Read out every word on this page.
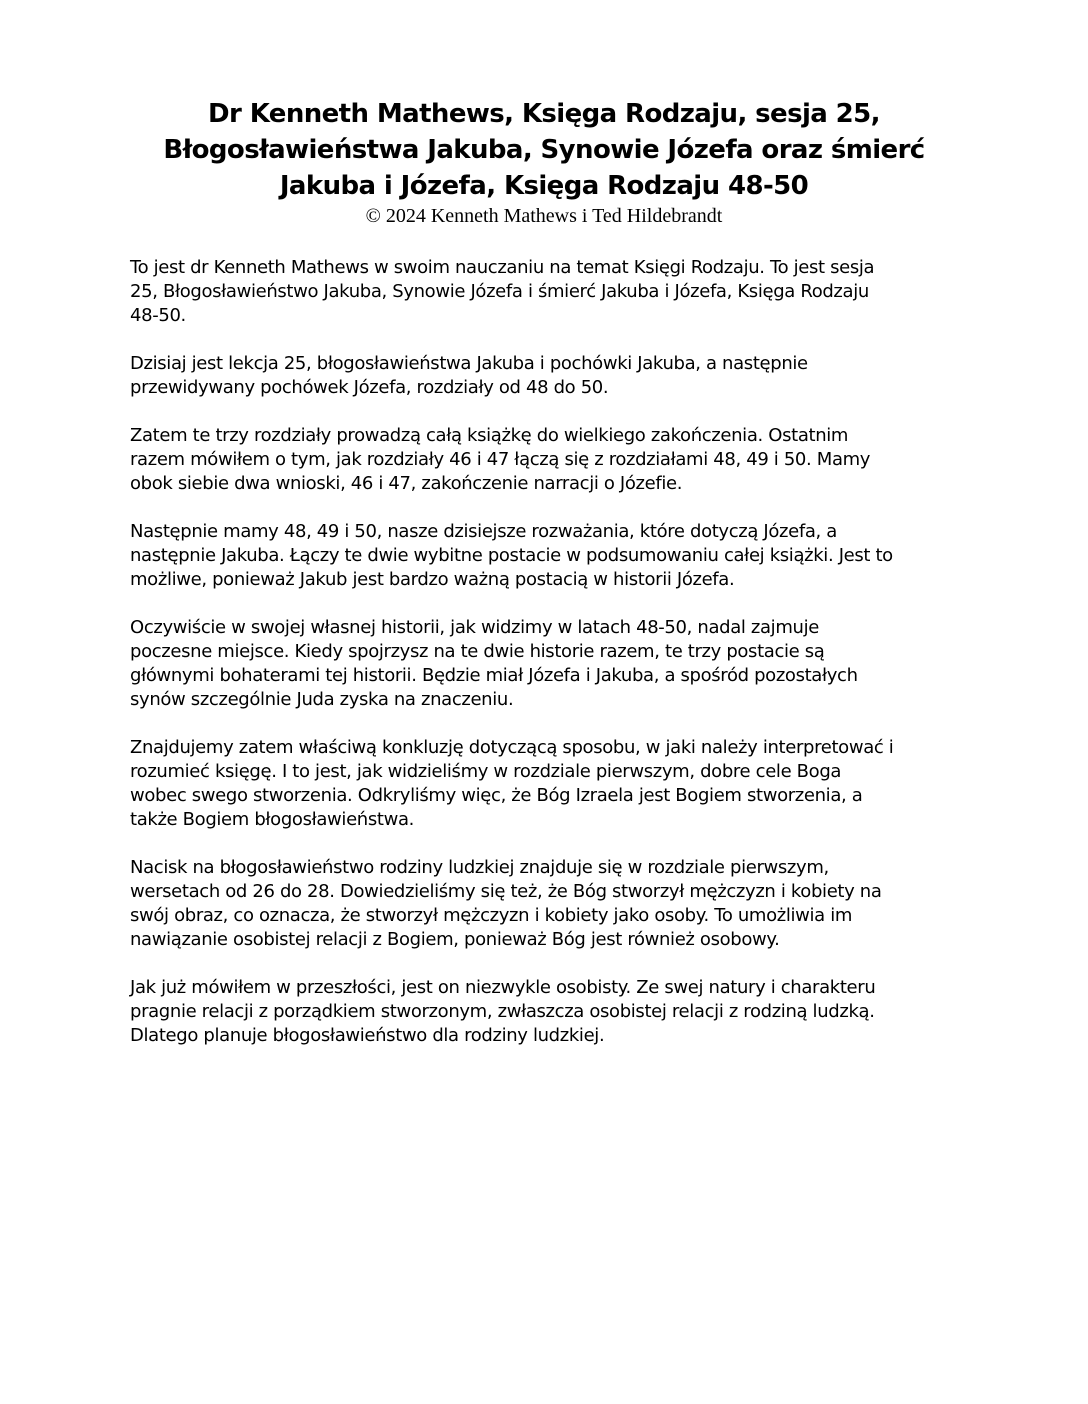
Dr Kenneth Mathews, Księga Rodzaju, sesja 25,
Błogosławieństwa Jakuba, Synowie Józefa oraz śmierć
Jakuba i Józefa, Księga Rodzaju 48-50

© 2024 Kenneth Mathews i Ted Hildebrandt

To jest dr Kenneth Mathews w swoim nauczaniu na temat Księgi Rodzaju. To jest sesja
25, Błogosławieństwo Jakuba, Synowie Józefa i śmierć Jakuba i Józefa, Księga Rodzaju
48-50.

Dzisiaj jest lekcja 25, błogosławieństwa Jakuba i pochówki Jakuba, a następnie
przewidywany pochówek Józefa, rozdziały od 48 do 50.

Zatem te trzy rozdziały prowadzą całą książkę do wielkiego zakończenia. Ostatnim
razem mówiłem o tym, jak rozdziały 46 i 47 łączą się z rozdziałami 48, 49 i 50. Mamy
obok siebie dwa wnioski, 46 i 47, zakończenie narracji o Józefie.

Następnie mamy 48, 49 i 50, nasze dzisiejsze rozważania, które dotyczą Józefa, a
następnie Jakuba. Łączy te dwie wybitne postacie w podsumowaniu całej książki. Jest to
możliwe, ponieważ Jakub jest bardzo ważną postacią w historii Józefa.

Oczywiście w swojej własnej historii, jak widzimy w latach 48-50, nadal zajmuje
poczesne miejsce. Kiedy spojrzysz na te dwie historie razem, te trzy postacie są
głównymi bohaterami tej historii. Będzie miał Józefa i Jakuba, a spośród pozostałych
synów szczególnie Juda zyska na znaczeniu.

Znajdujemy zatem właściwą konkluzję dotyczącą sposobu, w jaki należy interpretować i
rozumieć księgę. I to jest, jak widzieliśmy w rozdziale pierwszym, dobre cele Boga
wobec swego stworzenia. Odkryliśmy więc, że Bóg Izraela jest Bogiem stworzenia, a
także Bogiem błogosławieństwa.

Nacisk na błogosławieństwo rodziny ludzkiej znajduje się w rozdziale pierwszym,
wersetach od 26 do 28. Dowiedzieliśmy się też, że Bóg stworzył mężczyzn i kobiety na
swój obraz, co oznacza, że stworzył mężczyzn i kobiety jako osoby. To umożliwia im
nawiązanie osobistej relacji z Bogiem, ponieważ Bóg jest również osobowy.

Jak już mówiłem w przeszłości, jest on niezwykle osobisty. Ze swej natury i charakteru
pragnie relacji z porządkiem stworzonym, zwłaszcza osobistej relacji z rodziną ludzką.
Dlatego planuje błogosławieństwo dla rodziny ludzkiej.
